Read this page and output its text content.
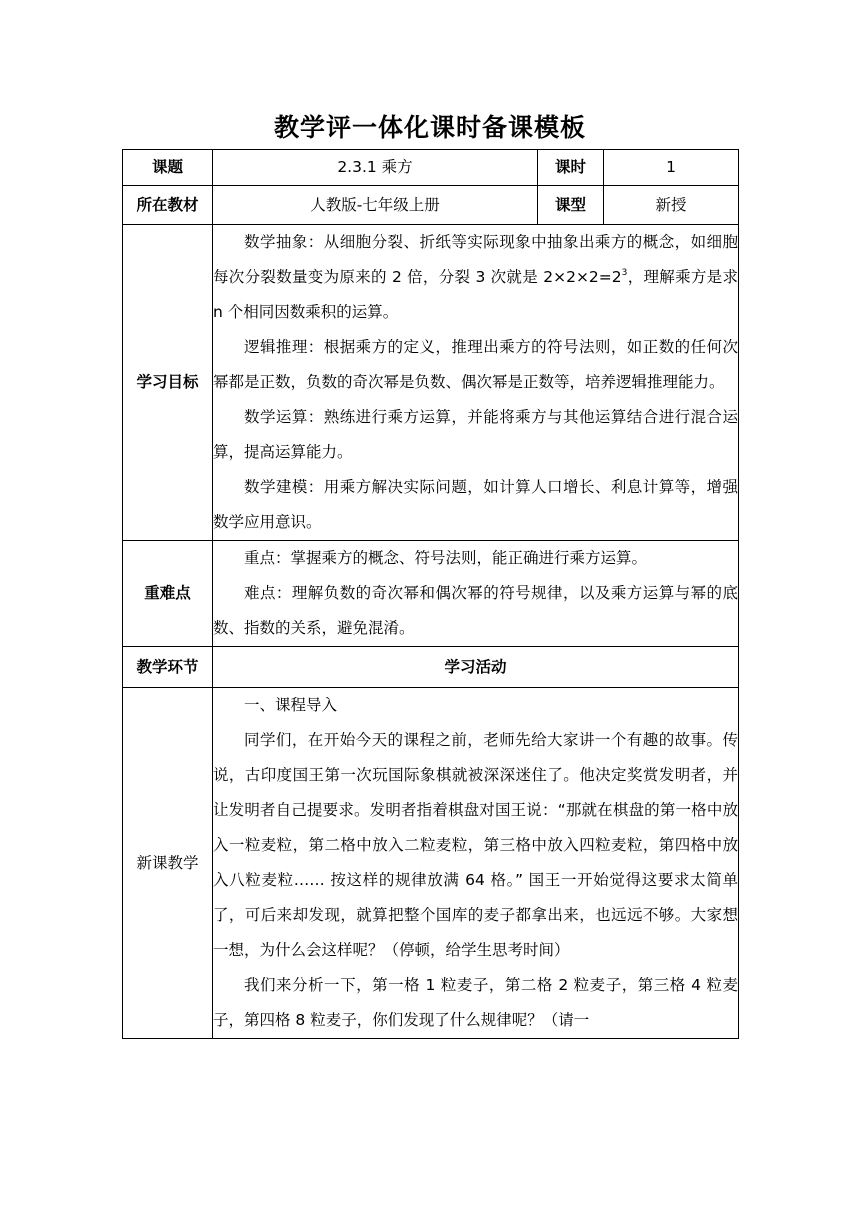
教学评一体化课时备课模板
课题	2.3.1 乘方	课时	1
所在教材	人教版-七年级上册	课型	新授
学习目标	数学抽象：从细胞分裂、折纸等实际现象中抽象出乘方的概念，如细胞每次分裂数量变为原来的 2 倍，分裂 3 次就是 $2\times 2\times 2=2^3$，理解乘方是求 n 个相同因数乘积的运算。

逻辑推理：根据乘方的定义，推理出乘方的符号法则，如正数的任何次幂都是正数，负数的奇次幂是负数、偶次幂是正数等，培养逻辑推理能力。

数学运算：熟练进行乘方运算，并能将乘方与其他运算结合进行混合运算，提高运算能力。

数学建模：用乘方解决实际问题，如计算人口增长、利息计算等，增强数学应用意识。		

重难点	重点：掌握乘方的概念、符号法则，能正确进行乘方运算。

难点：理解负数的奇次幂和偶次幂的符号规律，以及乘方运算与幂的底数、指数的关系，避免混淆。		

教学环节	学习活动		
新课教学	一、课程导入

同学们，在开始今天的课程之前，老师先给大家讲一个有趣的故事。传说，古印度国王第一次玩国际象棋就被深深迷住了。他决定奖赏发明者，并让发明者自己提要求。发明者指着棋盘对国王说：“那就在棋盘的第一格中放入一粒麦粒，第二格中放入二粒麦粒，第三格中放入四粒麦粒，第四格中放入八粒麦粒…… 按这样的规律放满 64 格。” 国王一开始觉得这要求太简单了，可后来却发现，就算把整个国库的麦子都拿出来，也远远不够。大家想一想，为什么会这样呢？（停顿，给学生思考时间）

我们来分析一下，第一格 1 粒麦子，第二格 2 粒麦子，第三格 4 粒麦子，第四格 8 粒麦子，你们发现了什么规律呢？（请一		
